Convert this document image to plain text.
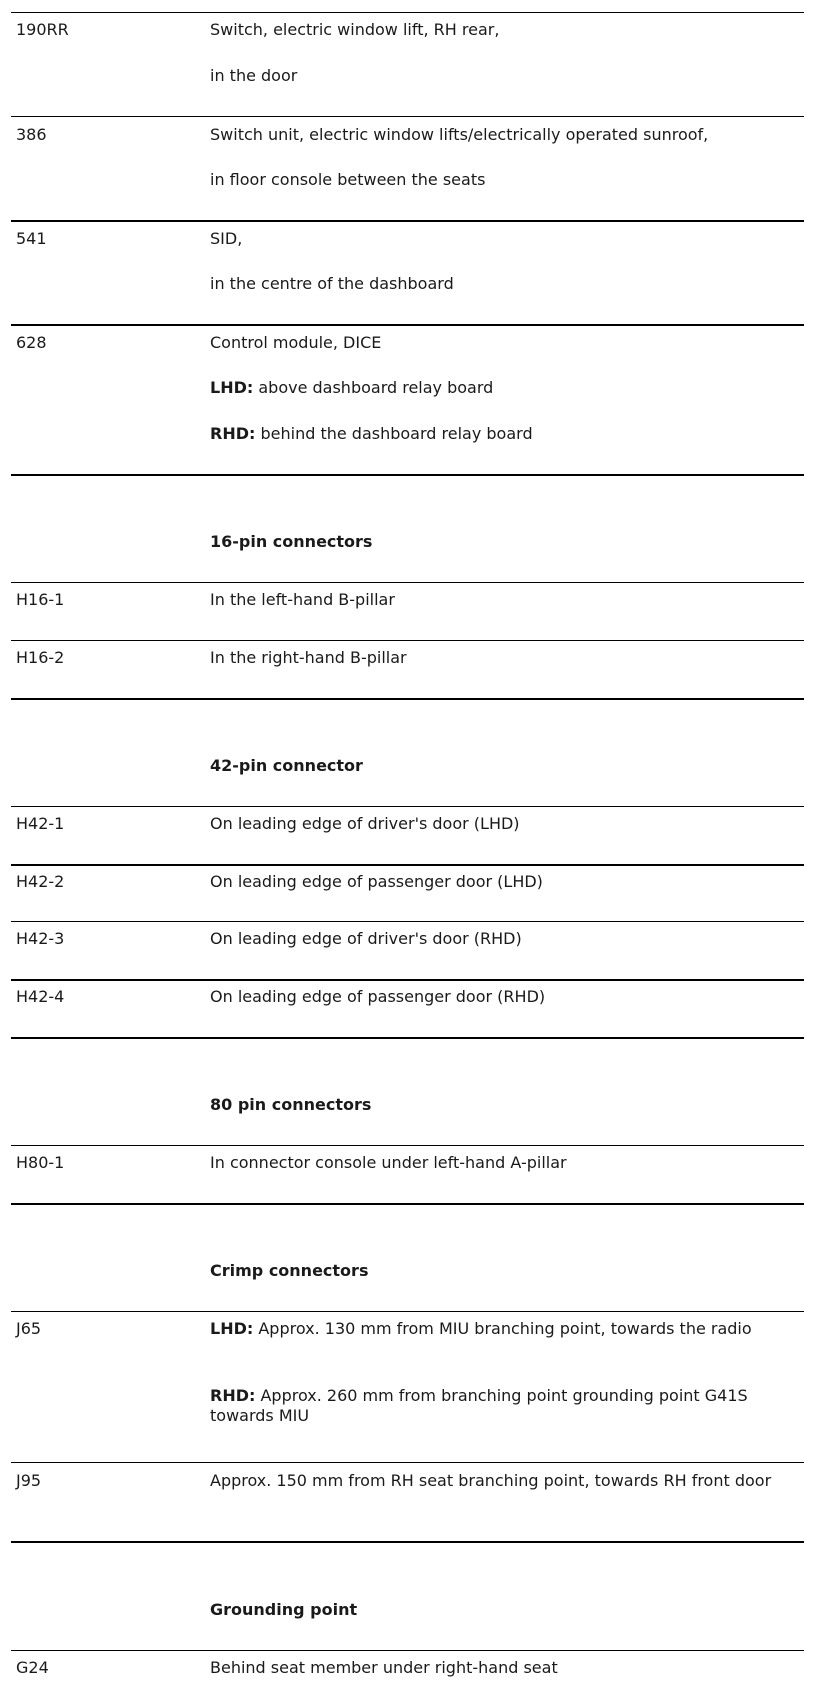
190RR	Switch, electric window lift, RH rear,
in the door
386	Switch unit, electric window lifts/electrically operated sunroof,
in floor console between the seats
541	SID,
in the centre of the dashboard
628	Control module, DICE
LHD: above dashboard relay board
RHD: behind the dashboard relay board
16-pin connectors
H16-1	In the left-hand B-pillar
H16-2	In the right-hand B-pillar
42-pin connector
H42-1	On leading edge of driver's door (LHD)
H42-2	On leading edge of passenger door (LHD)
H42-3	On leading edge of driver's door (RHD)
H42-4	On leading edge of passenger door (RHD)
80 pin connectors
H80-1	In connector console under left-hand A-pillar
Crimp connectors
J65	LHD: Approx. 130 mm from MIU branching point, towards the radio
RHD: Approx. 260 mm from branching point grounding point G41S towards MIU
J95	Approx. 150 mm from RH seat branching point, towards RH front door
Grounding point
G24	Behind seat member under right-hand seat
